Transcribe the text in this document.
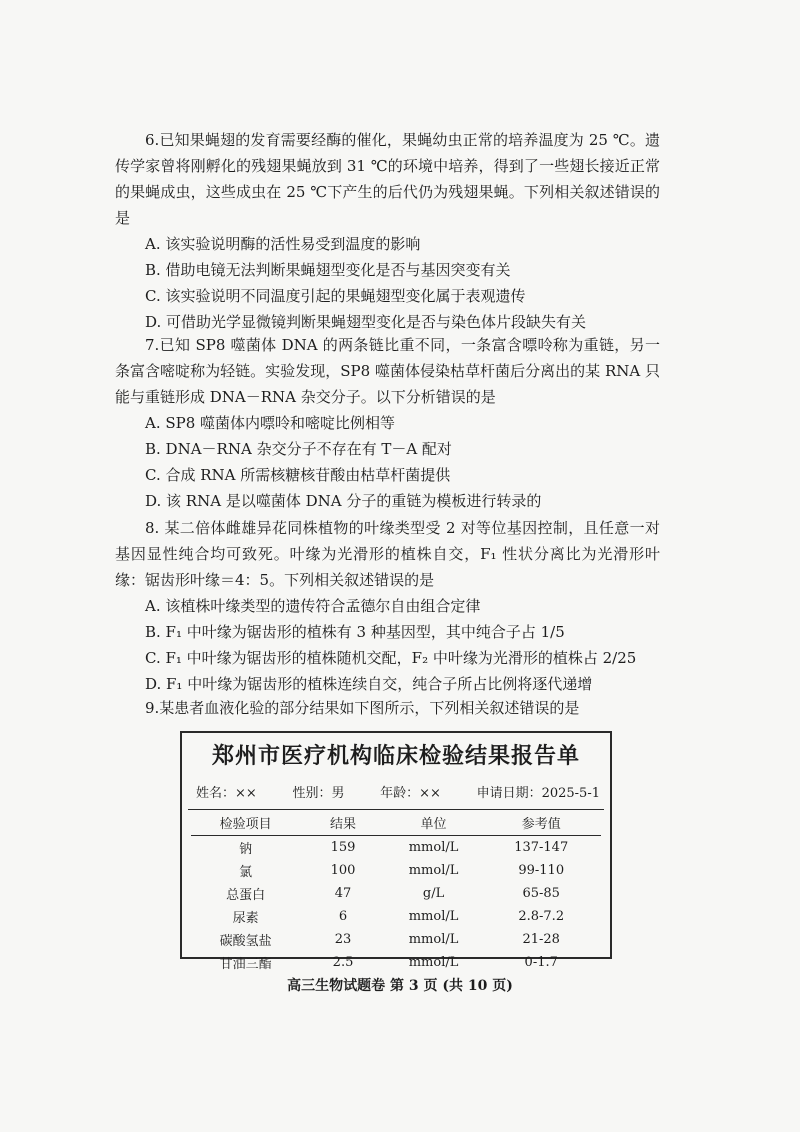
6.已知果蝇翅的发育需要经酶的催化，果蝇幼虫正常的培养温度为 25 ℃。遗传学家曾将刚孵化的残翅果蝇放到 31 ℃的环境中培养，得到了一些翅长接近正常的果蝇成虫，这些成虫在 25 ℃下产生的后代仍为残翅果蝇。下列相关叙述错误的是

A. 该实验说明酶的活性易受到温度的影响

B. 借助电镜无法判断果蝇翅型变化是否与基因突变有关

C. 该实验说明不同温度引起的果蝇翅型变化属于表观遗传

D. 可借助光学显微镜判断果蝇翅型变化是否与染色体片段缺失有关

7.已知 SP8 噬菌体 DNA 的两条链比重不同，一条富含嘌呤称为重链，另一条富含嘧啶称为轻链。实验发现，SP8 噬菌体侵染枯草杆菌后分离出的某 RNA 只能与重链形成 DNA－RNA 杂交分子。以下分析错误的是

A. SP8 噬菌体内嘌呤和嘧啶比例相等

B. DNA－RNA 杂交分子不存在有 T－A 配对

C. 合成 RNA 所需核糖核苷酸由枯草杆菌提供

D. 该 RNA 是以噬菌体 DNA 分子的重链为模板进行转录的

8. 某二倍体雌雄异花同株植物的叶缘类型受 2 对等位基因控制，且任意一对基因显性纯合均可致死。叶缘为光滑形的植株自交，F₁ 性状分离比为光滑形叶缘：锯齿形叶缘＝4：5。下列相关叙述错误的是

A. 该植株叶缘类型的遗传符合孟德尔自由组合定律

B. F₁ 中叶缘为锯齿形的植株有 3 种基因型，其中纯合子占 1/5

C. F₁ 中叶缘为锯齿形的植株随机交配，F₂ 中叶缘为光滑形的植株占 2/25

D. F₁ 中叶缘为锯齿形的植株连续自交，纯合子所占比例将逐代递增

9.某患者血液化验的部分结果如下图所示，下列相关叙述错误的是

郑州市医疗机构临床检验结果报告单
姓名：××	性别：男	年龄：××	申请日期：2025-5-1
检验项目	结果	单位	参考值
钠	159	mmol/L	137-147
氯	100	mmol/L	99-110
总蛋白	47	g/L	65-85
尿素	6	mmol/L	2.8-7.2
碳酸氢盐	23	mmol/L	21-28
甘油三酯	2.5	mmol/L	0-1.7
高三生物试题卷 第 3 页 (共 10 页)
